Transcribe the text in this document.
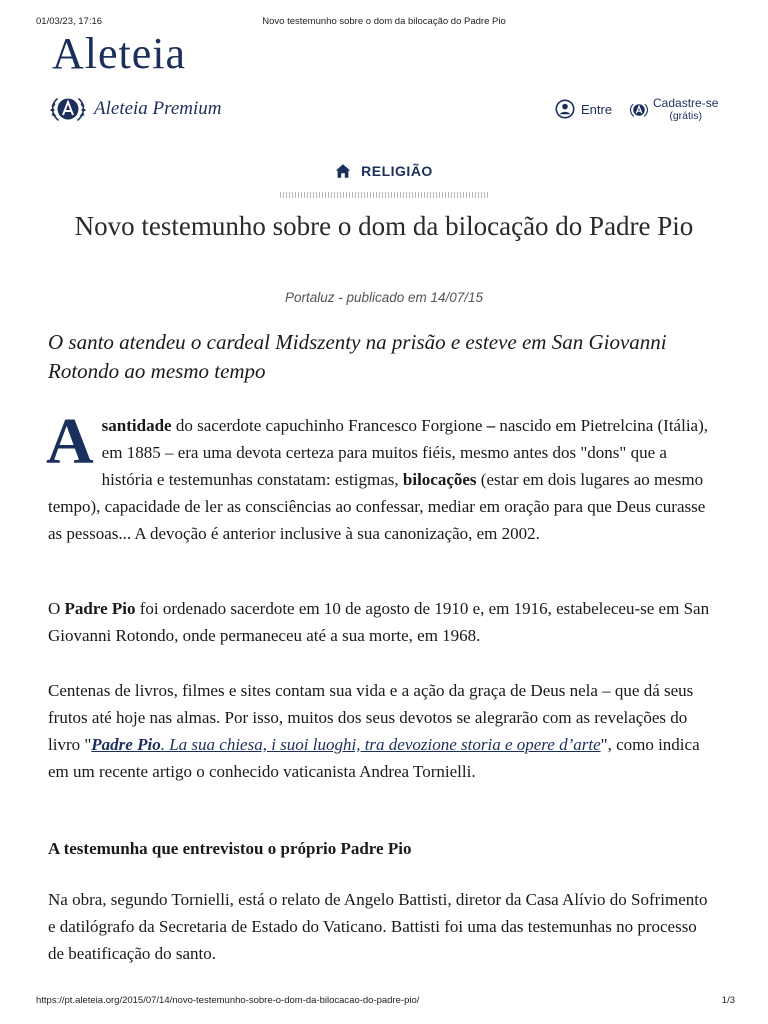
01/03/23, 17:16	Novo testemunho sobre o dom da bilocação do Padre Pio
Aleteia
Aleteia Premium	Entre	Cadastre-se
(grátis)
RELIGIÃO
Novo testemunho sobre o dom da bilocação do Padre Pio
Portaluz - publicado em 14/07/15

O santo atendeu o cardeal Midszenty na prisão e esteve em San Giovanni Rotondo ao mesmo tempo

Asantidade do sacerdote capuchinho Francesco Forgione – nascido em Pietrelcina (Itália), em 1885 – era uma devota certeza para muitos fiéis, mesmo antes dos "dons" que a história e testemunhas constatam: estigmas, bilocações (estar em dois lugares ao mesmo tempo), capacidade de ler as consciências ao confessar, mediar em oração para que Deus curasse as pessoas... A devoção é anterior inclusive à sua canonização, em 2002.

O Padre Pio foi ordenado sacerdote em 10 de agosto de 1910 e, em 1916, estabeleceu-se em San Giovanni Rotondo, onde permaneceu até a sua morte, em 1968.

Centenas de livros, filmes e sites contam sua vida e a ação da graça de Deus nela – que dá seus frutos até hoje nas almas. Por isso, muitos dos seus devotos se alegrarão com as revelações do livro "Padre Pio. La sua chiesa, i suoi luoghi, tra devozione storia e opere d’arte", como indica em um recente artigo o conhecido vaticanista Andrea Tornielli.

A testemunha que entrevistou o próprio Padre Pio

Na obra, segundo Tornielli, está o relato de Angelo Battisti, diretor da Casa Alívio do Sofrimento e datilógrafo da Secretaria de Estado do Vaticano. Battisti foi uma das testemunhas no processo de beatificação do santo.

https://pt.aleteia.org/2015/07/14/novo-testemunho-sobre-o-dom-da-bilocacao-do-padre-pio/	1/3
